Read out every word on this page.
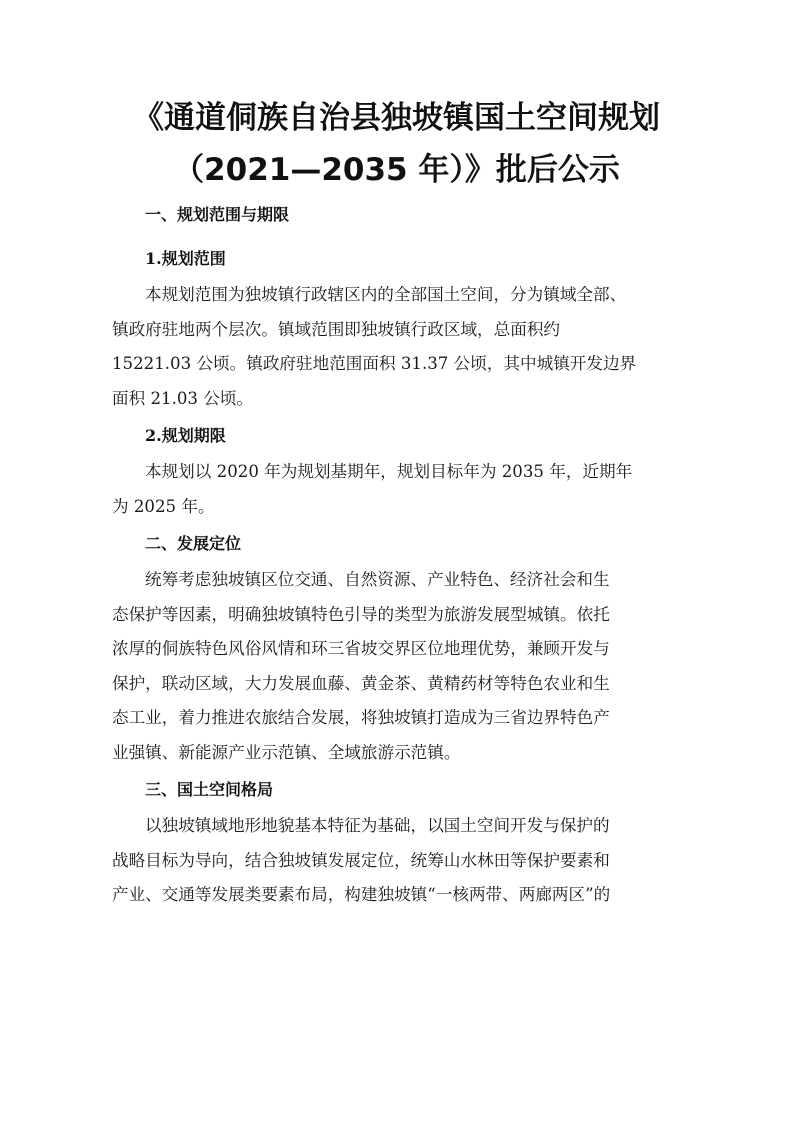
《通道侗族自治县独坡镇国土空间规划
（2021—2035 年）》批后公示
一、规划范围与期限
1.规划范围
本规划范围为独坡镇行政辖区内的全部国土空间，分为镇域全部、
镇政府驻地两个层次。镇域范围即独坡镇行政区域，总面积约
15221.03 公顷。镇政府驻地范围面积 31.37 公顷，其中城镇开发边界
面积 21.03 公顷。
2.规划期限
本规划以 2020 年为规划基期年，规划目标年为 2035 年，近期年
为 2025 年。
二、发展定位
统筹考虑独坡镇区位交通、自然资源、产业特色、经济社会和生
态保护等因素，明确独坡镇特色引导的类型为旅游发展型城镇。依托
浓厚的侗族特色风俗风情和环三省坡交界区位地理优势，兼顾开发与
保护，联动区域，大力发展血藤、黄金茶、黄精药材等特色农业和生
态工业，着力推进农旅结合发展，将独坡镇打造成为三省边界特色产
业强镇、新能源产业示范镇、全域旅游示范镇。
三、国土空间格局
以独坡镇域地形地貌基本特征为基础，以国土空间开发与保护的
战略目标为导向，结合独坡镇发展定位，统筹山水林田等保护要素和
产业、交通等发展类要素布局，构建独坡镇“一核两带、两廊两区”的
